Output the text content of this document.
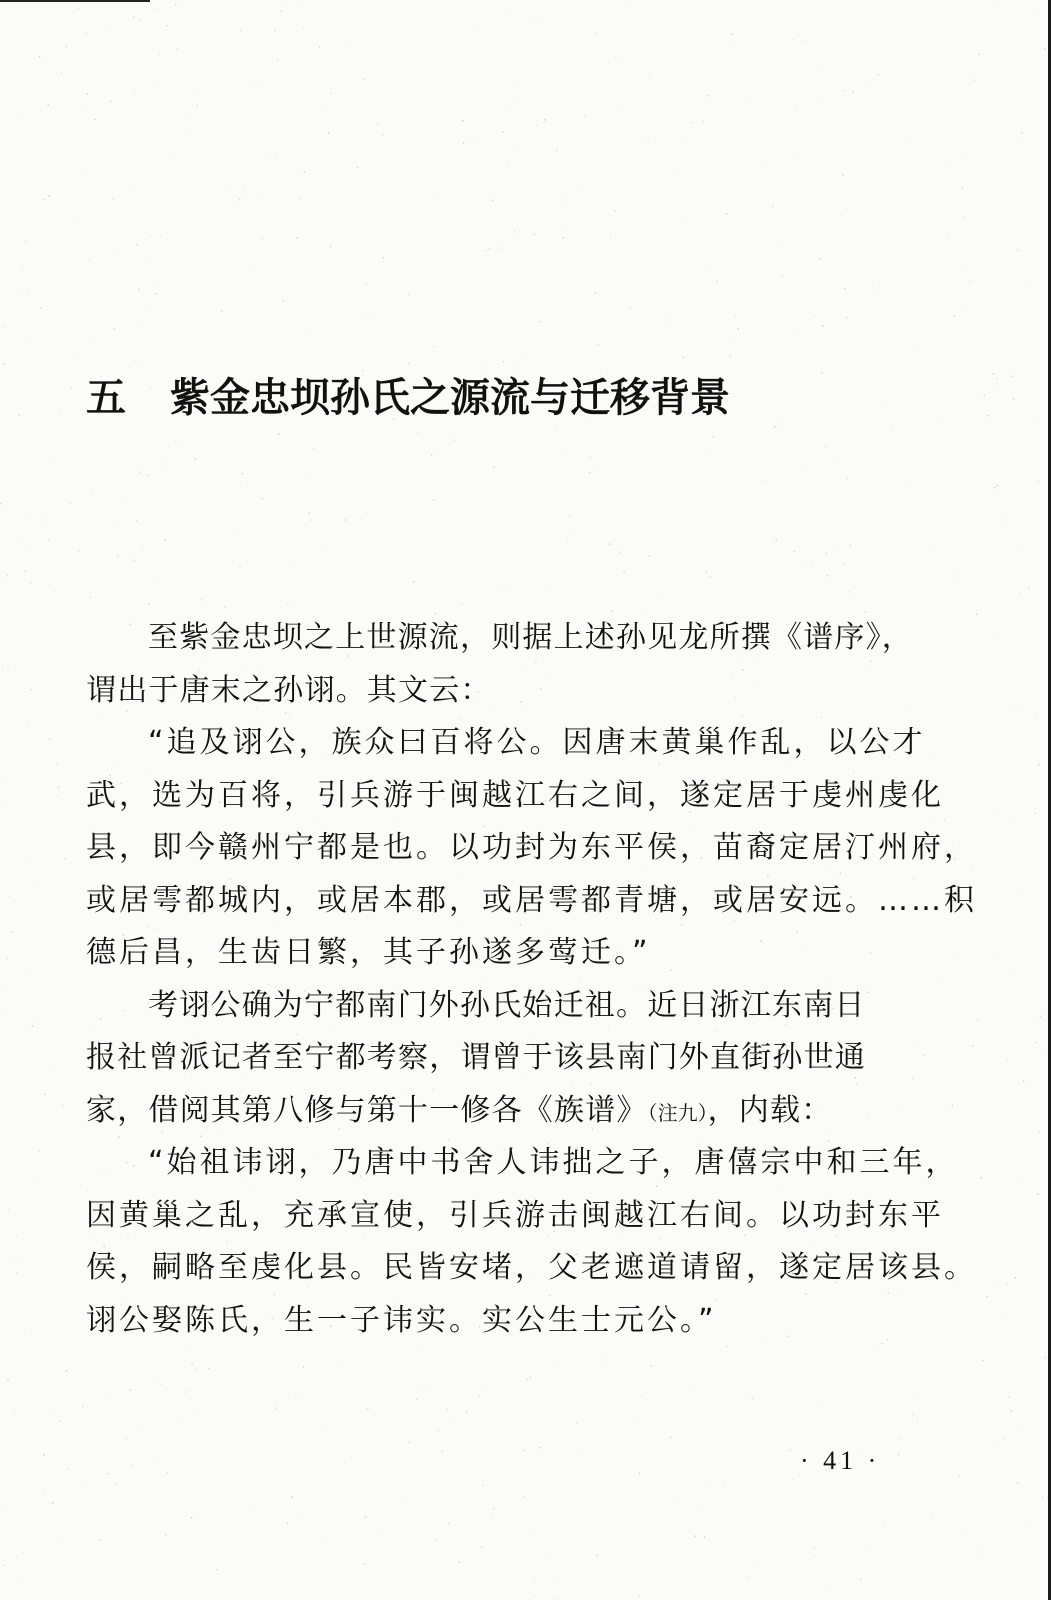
五 紫金忠坝孙氏之源流与迁移背景
至紫金忠坝之上世源流，则据上述孙见龙所撰《谱序》，
谓出于唐末之孙诩。其文云：
“追及诩公，族众曰百将公。因唐末黄巢作乱，以公才
武，选为百将，引兵游于闽越江右之间，遂定居于虔州虔化
县，即今赣州宁都是也。以功封为东平侯，苗裔定居汀州府，
或居雩都城内，或居本郡，或居雩都青塘，或居安远。……积
德后昌，生齿日繁，其子孙遂多莺迁。”
考诩公确为宁都南门外孙氏始迁祖。近日浙江东南日
报社曾派记者至宁都考察，谓曾于该县南门外直街孙世通
家，借阅其第八修与第十一修各《族谱》（注九），内载：
“始祖讳诩，乃唐中书舍人讳拙之子，唐僖宗中和三年，
因黄巢之乱，充承宣使，引兵游击闽越江右间。以功封东平
侯，嗣略至虔化县。民皆安堵，父老遮道请留，遂定居该县。
诩公娶陈氏，生一子讳实。实公生士元公。”
· 41 ·
